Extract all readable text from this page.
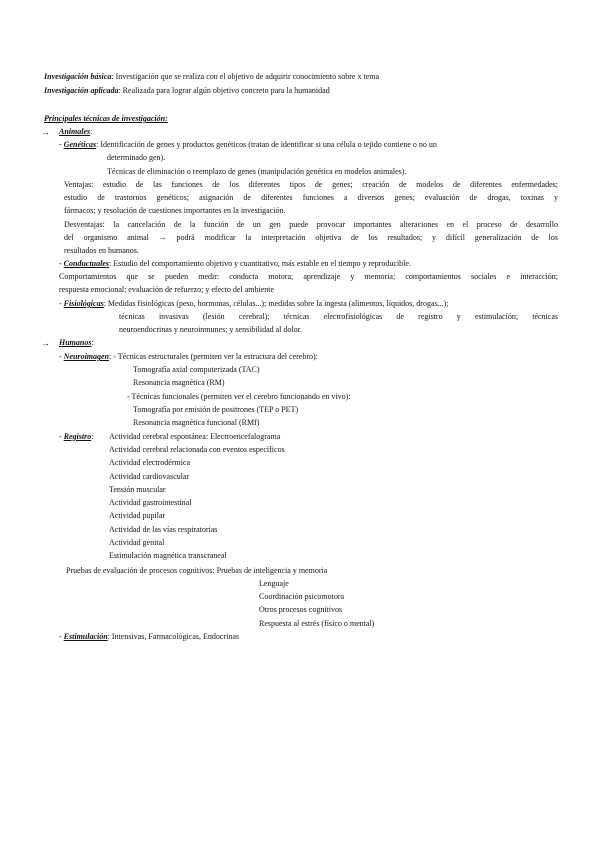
Investigación básica: Investigación que se realiza con el objetivo de adquirir conocimiento sobre x tema
Investigación aplicada: Realizada para lograr algún objetivo concreto para la humanidad
Principales técnicas de investigación:
→ Animales:
- Genéticas: Identificación de genes y productos genéticos (tratan de identificar si una célula o tejido contiene o no un
determinado gen).
Técnicas de eliminación o reemplazo de genes (manipulación genética en modelos animales).
Ventajas: estudio de las funciones de los diferentes tipos de genes; creación de modelos de diferentes enfermedades;
estudio de trastornos genéticos; asignación de diferentes funciones a diversos genes; evaluación de drogas, toxinas y
fármacos; y resolución de cuestiones importantes en la investigación.
Desventajas: la cancelación de la función de un gen puede provocar importantes alteraciones en el proceso de desarrollo
del organismo animal → podrá modificar la interpretación objetiva de los resultados; y difícil generalización de los
resultados en humanos.
- Conductuales: Estudio del comportamiento objetivo y cuantitativo, más estable en el tiempo y reproducible.
Comportamientos que se pueden medir: conducta motora; aprendizaje y memoria; comportamientos sociales e interacción;
respuesta emocional; evaluación de refuerzo; y efecto del ambiente
- Fisiológicas: Medidas fisiológicas (peso, hormonas, células...); medidas sobre la ingesta (alimentos, líquidos, drogas...);
técnicas invasivas (lesión cerebral); técnicas electrofisiológicas de registro y estimulación; técnicas
neuroendocrinas y neuroinmunes; y sensibilidad al dolor.
→ Humanos:
- Neuroimagen: - Técnicas estructurales (permiten ver la estructura del cerebro):
Tomografía axial computerizada (TAC)
Resonancia magnética (RM)
- Técnicas funcionales (permiten ver el cerebro funcionando en vivo):
Tomografía por emisión de positrones (TEP o PET)
Resonancia magnética funcional (RMf)
- Registro: Actividad cerebral espontánea: Electroencefalograma
Actividad cerebral relacionada con eventos específicos
Actividad electrodérmica
Actividad cardiovascular
Tensión muscular
Actividad gastrointestinal
Actividad pupilar
Actividad de las vías respiratorias
Actividad genital
Estimulación magnética transcraneal
Pruebas de evaluación de procesos cognitivos: Pruebas de inteligencia y memoria
Lenguaje
Coordinación psicomotora
Otros procesos cognitivos
Respuesta al estrés (físico o mental)
- Estimulación: Intensivas, Farmacológicas, Endocrinas
